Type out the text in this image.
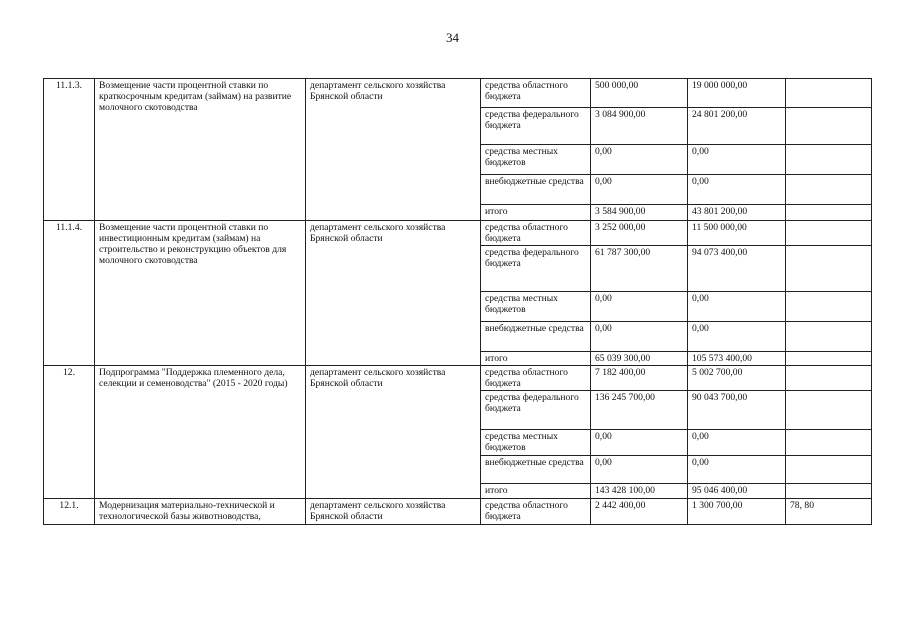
34
11.1.3.	Возмещение части процентной ставки по краткосрочным кредитам (займам) на развитие молочного скотоводства	департамент сельского хозяйства Брянской области	средства областного бюджета	500 000,00	19 000 000,00	
			средства федерального бюджета	3 084 900,00	24 801 200,00	
			средства местных бюджетов	0,00	0,00	
			внебюджетные средства	0,00	0,00	
			итого	3 584 900,00	43 801 200,00	
11.1.4.	Возмещение части процентной ставки по инвестиционным кредитам (займам) на строительство и реконструкцию объектов для молочного скотоводства	департамент сельского хозяйства Брянской области	средства областного бюджета	3 252 000,00	11 500 000,00	
			средства федерального бюджета	61 787 300,00	94 073 400,00	
			средства местных бюджетов	0,00	0,00	
			внебюджетные средства	0,00	0,00	
			итого	65 039 300,00	105 573 400,00	
12.	Подпрограмма "Поддержка племенного дела, селекции и семеноводства" (2015 - 2020 годы)	департамент сельского хозяйства Брянской области	средства областного бюджета	7 182 400,00	5 002 700,00	
			средства федерального бюджета	136 245 700,00	90 043 700,00	
			средства местных бюджетов	0,00	0,00	
			внебюджетные средства	0,00	0,00	
			итого	143 428 100,00	95 046 400,00	
12.1.	Модернизация материально-технической и технологической базы животноводства,	департамент сельского хозяйства Брянской области	средства областного бюджета	2 442 400,00	1 300 700,00	78, 80
